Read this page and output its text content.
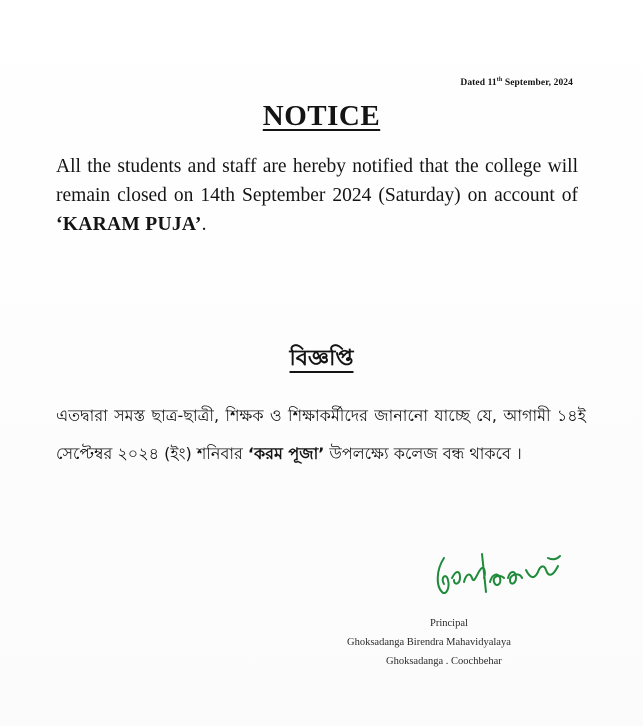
Dated 11th September, 2024
NOTICE

All the students and staff are hereby notified that the college will remain closed on 14th September 2024 (Saturday) on account of ‘KARAM PUJA’.

বিজ্ঞপ্তি

এতদ্বারা সমস্ত ছাত্র-ছাত্রী, শিক্ষক ও শিক্ষাকর্মীদের জানানো যাচ্ছে যে, আগামী ১৪ই সেপ্টেম্বর ২০২৪ (ইং) শনিবার ‘করম পূজা’ উপলক্ষ্যে কলেজ বন্ধ থাকবে ।

Principal
Ghoksadanga Birendra Mahavidyalaya
Ghoksadanga . Coochbehar
